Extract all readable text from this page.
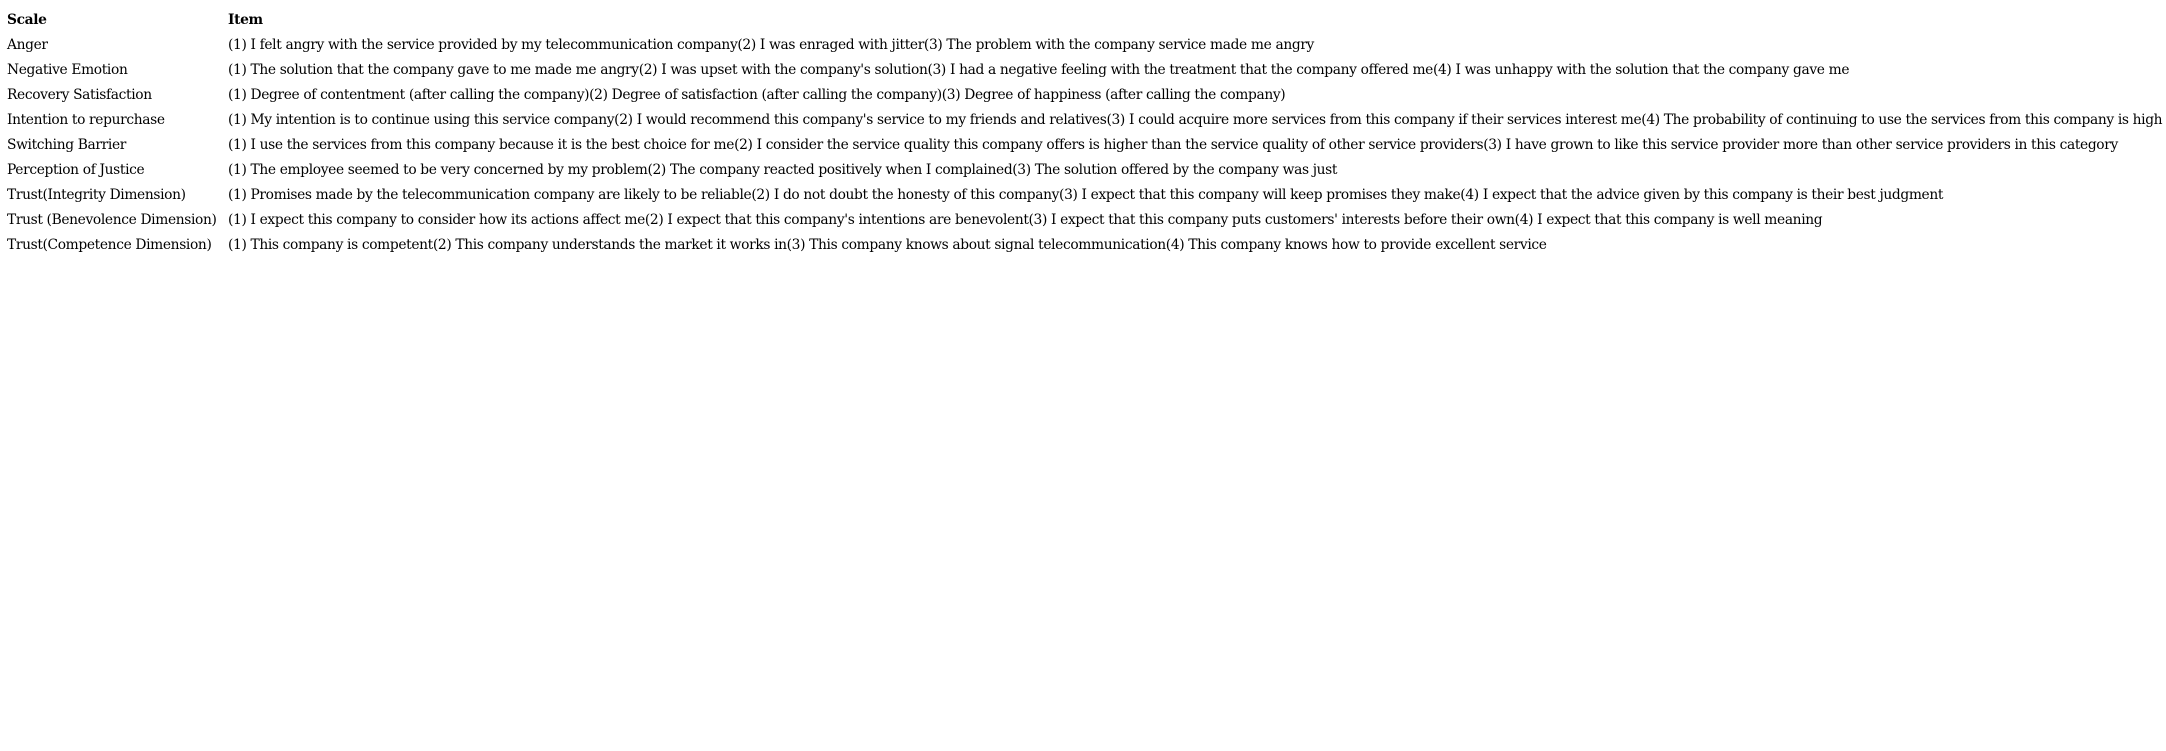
Scale	Item
Anger	(1) I felt angry with the service provided by my telecommunication company(2) I was enraged with jitter(3) The problem with the company service made me angry
Negative Emotion	(1) The solution that the company gave to me made me angry(2) I was upset with the company's solution(3) I had a negative feeling with the treatment that the company offered me(4) I was unhappy with the solution that the company gave me
Recovery Satisfaction	(1) Degree of contentment (after calling the company)(2) Degree of satisfaction (after calling the company)(3) Degree of happiness (after calling the company)
Intention to repurchase	(1) My intention is to continue using this service company(2) I would recommend this company's service to my friends and relatives(3) I could acquire more services from this company if their services interest me(4) The probability of continuing to use the services from this company is high
Switching Barrier	(1) I use the services from this company because it is the best choice for me(2) I consider the service quality this company offers is higher than the service quality of other service providers(3) I have grown to like this service provider more than other service providers in this category
Perception of Justice	(1) The employee seemed to be very concerned by my problem(2) The company reacted positively when I complained(3) The solution offered by the company was just
Trust(Integrity Dimension)	(1) Promises made by the telecommunication company are likely to be reliable(2) I do not doubt the honesty of this company(3) I expect that this company will keep promises they make(4) I expect that the advice given by this company is their best judgment
Trust (Benevolence Dimension)	(1) I expect this company to consider how its actions affect me(2) I expect that this company's intentions are benevolent(3) I expect that this company puts customers' interests before their own(4) I expect that this company is well meaning
Trust(Competence Dimension)	(1) This company is competent(2) This company understands the market it works in(3) This company knows about signal telecommunication(4) This company knows how to provide excellent service
